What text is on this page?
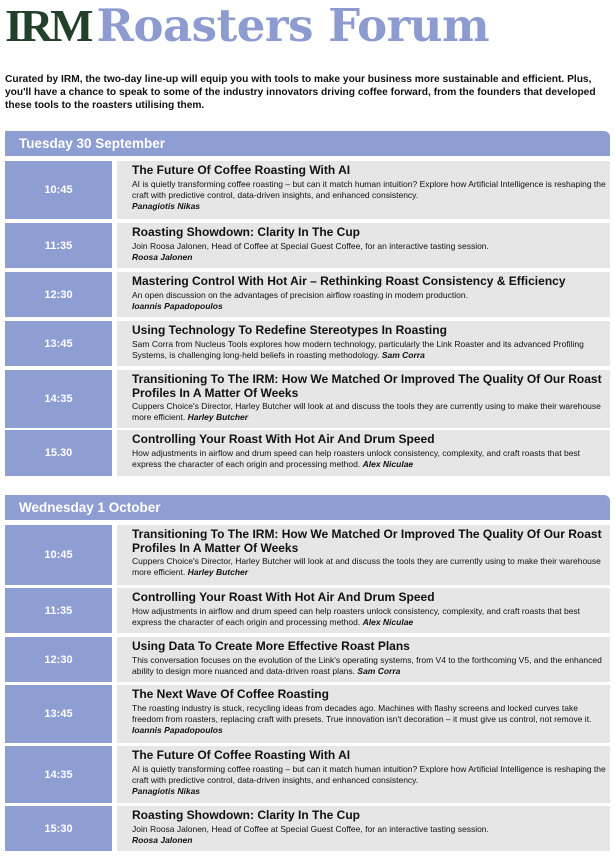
IRM Roasters Forum

Curated by IRM, the two-day line-up will equip you with tools to make your business more sustainable and efficient. Plus, you'll have a chance to speak to some of the industry innovators driving coffee forward, from the founders that developed these tools to the roasters utilising them.

Tuesday 30 September
10:45

The Future Of Coffee Roasting With AI

AI is quietly transforming coffee roasting – but can it match human intuition? Explore how Artificial Intelligence is reshaping the craft with predictive control, data-driven insights, and enhanced consistency.

Panagiotis Nikas
11:35

Roasting Showdown: Clarity In The Cup

Join Roosa Jalonen, Head of Coffee at Special Guest Coffee, for an interactive tasting session.

Roosa Jalonen
12:30

Mastering Control With Hot Air – Rethinking Roast Consistency & Efficiency

An open discussion on the advantages of precision airflow roasting in modern production.

Ioannis Papadopoulos
13:45

Using Technology To Redefine Stereotypes In Roasting

Sam Corra from Nucleus Tools explores how modern technology, particularly the Link Roaster and its advanced Profiling Systems, is challenging long-held beliefs in roasting methodology. Sam Corra

14:35

Transitioning To The IRM: How We Matched Or Improved The Quality Of Our Roast Profiles In A Matter Of Weeks

Cuppers Choice's Director, Harley Butcher will look at and discuss the tools they are currently using to make their warehouse more efficient. Harley Butcher

15.30

Controlling Your Roast With Hot Air And Drum Speed

How adjustments in airflow and drum speed can help roasters unlock consistency, complexity, and craft roasts that best express the character of each origin and processing method. Alex Niculae

Wednesday 1 October
10:45

Transitioning To The IRM: How We Matched Or Improved The Quality Of Our Roast Profiles In A Matter Of Weeks

Cuppers Choice's Director, Harley Butcher will look at and discuss the tools they are currently using to make their warehouse more efficient. Harley Butcher

11:35

Controlling Your Roast With Hot Air And Drum Speed

How adjustments in airflow and drum speed can help roasters unlock consistency, complexity, and craft roasts that best express the character of each origin and processing method. Alex Niculae

12:30

Using Data To Create More Effective Roast Plans

This conversation focuses on the evolution of the Link's operating systems, from V4 to the forthcoming V5, and the enhanced ability to design more nuanced and data-driven roast plans. Sam Corra

13:45

The Next Wave Of Coffee Roasting

The roasting industry is stuck, recycling ideas from decades ago. Machines with flashy screens and locked curves take freedom from roasters, replacing craft with presets. True innovation isn't decoration – it must give us control, not remove it. Ioannis Papadopoulos

14:35

The Future Of Coffee Roasting With AI

AI is quietly transforming coffee roasting – but can it match human intuition? Explore how Artificial Intelligence is reshaping the craft with predictive control, data-driven insights, and enhanced consistency.

Panagiotis Nikas
15:30

Roasting Showdown: Clarity In The Cup

Join Roosa Jalonen, Head of Coffee at Special Guest Coffee, for an interactive tasting session.

Roosa Jalonen
